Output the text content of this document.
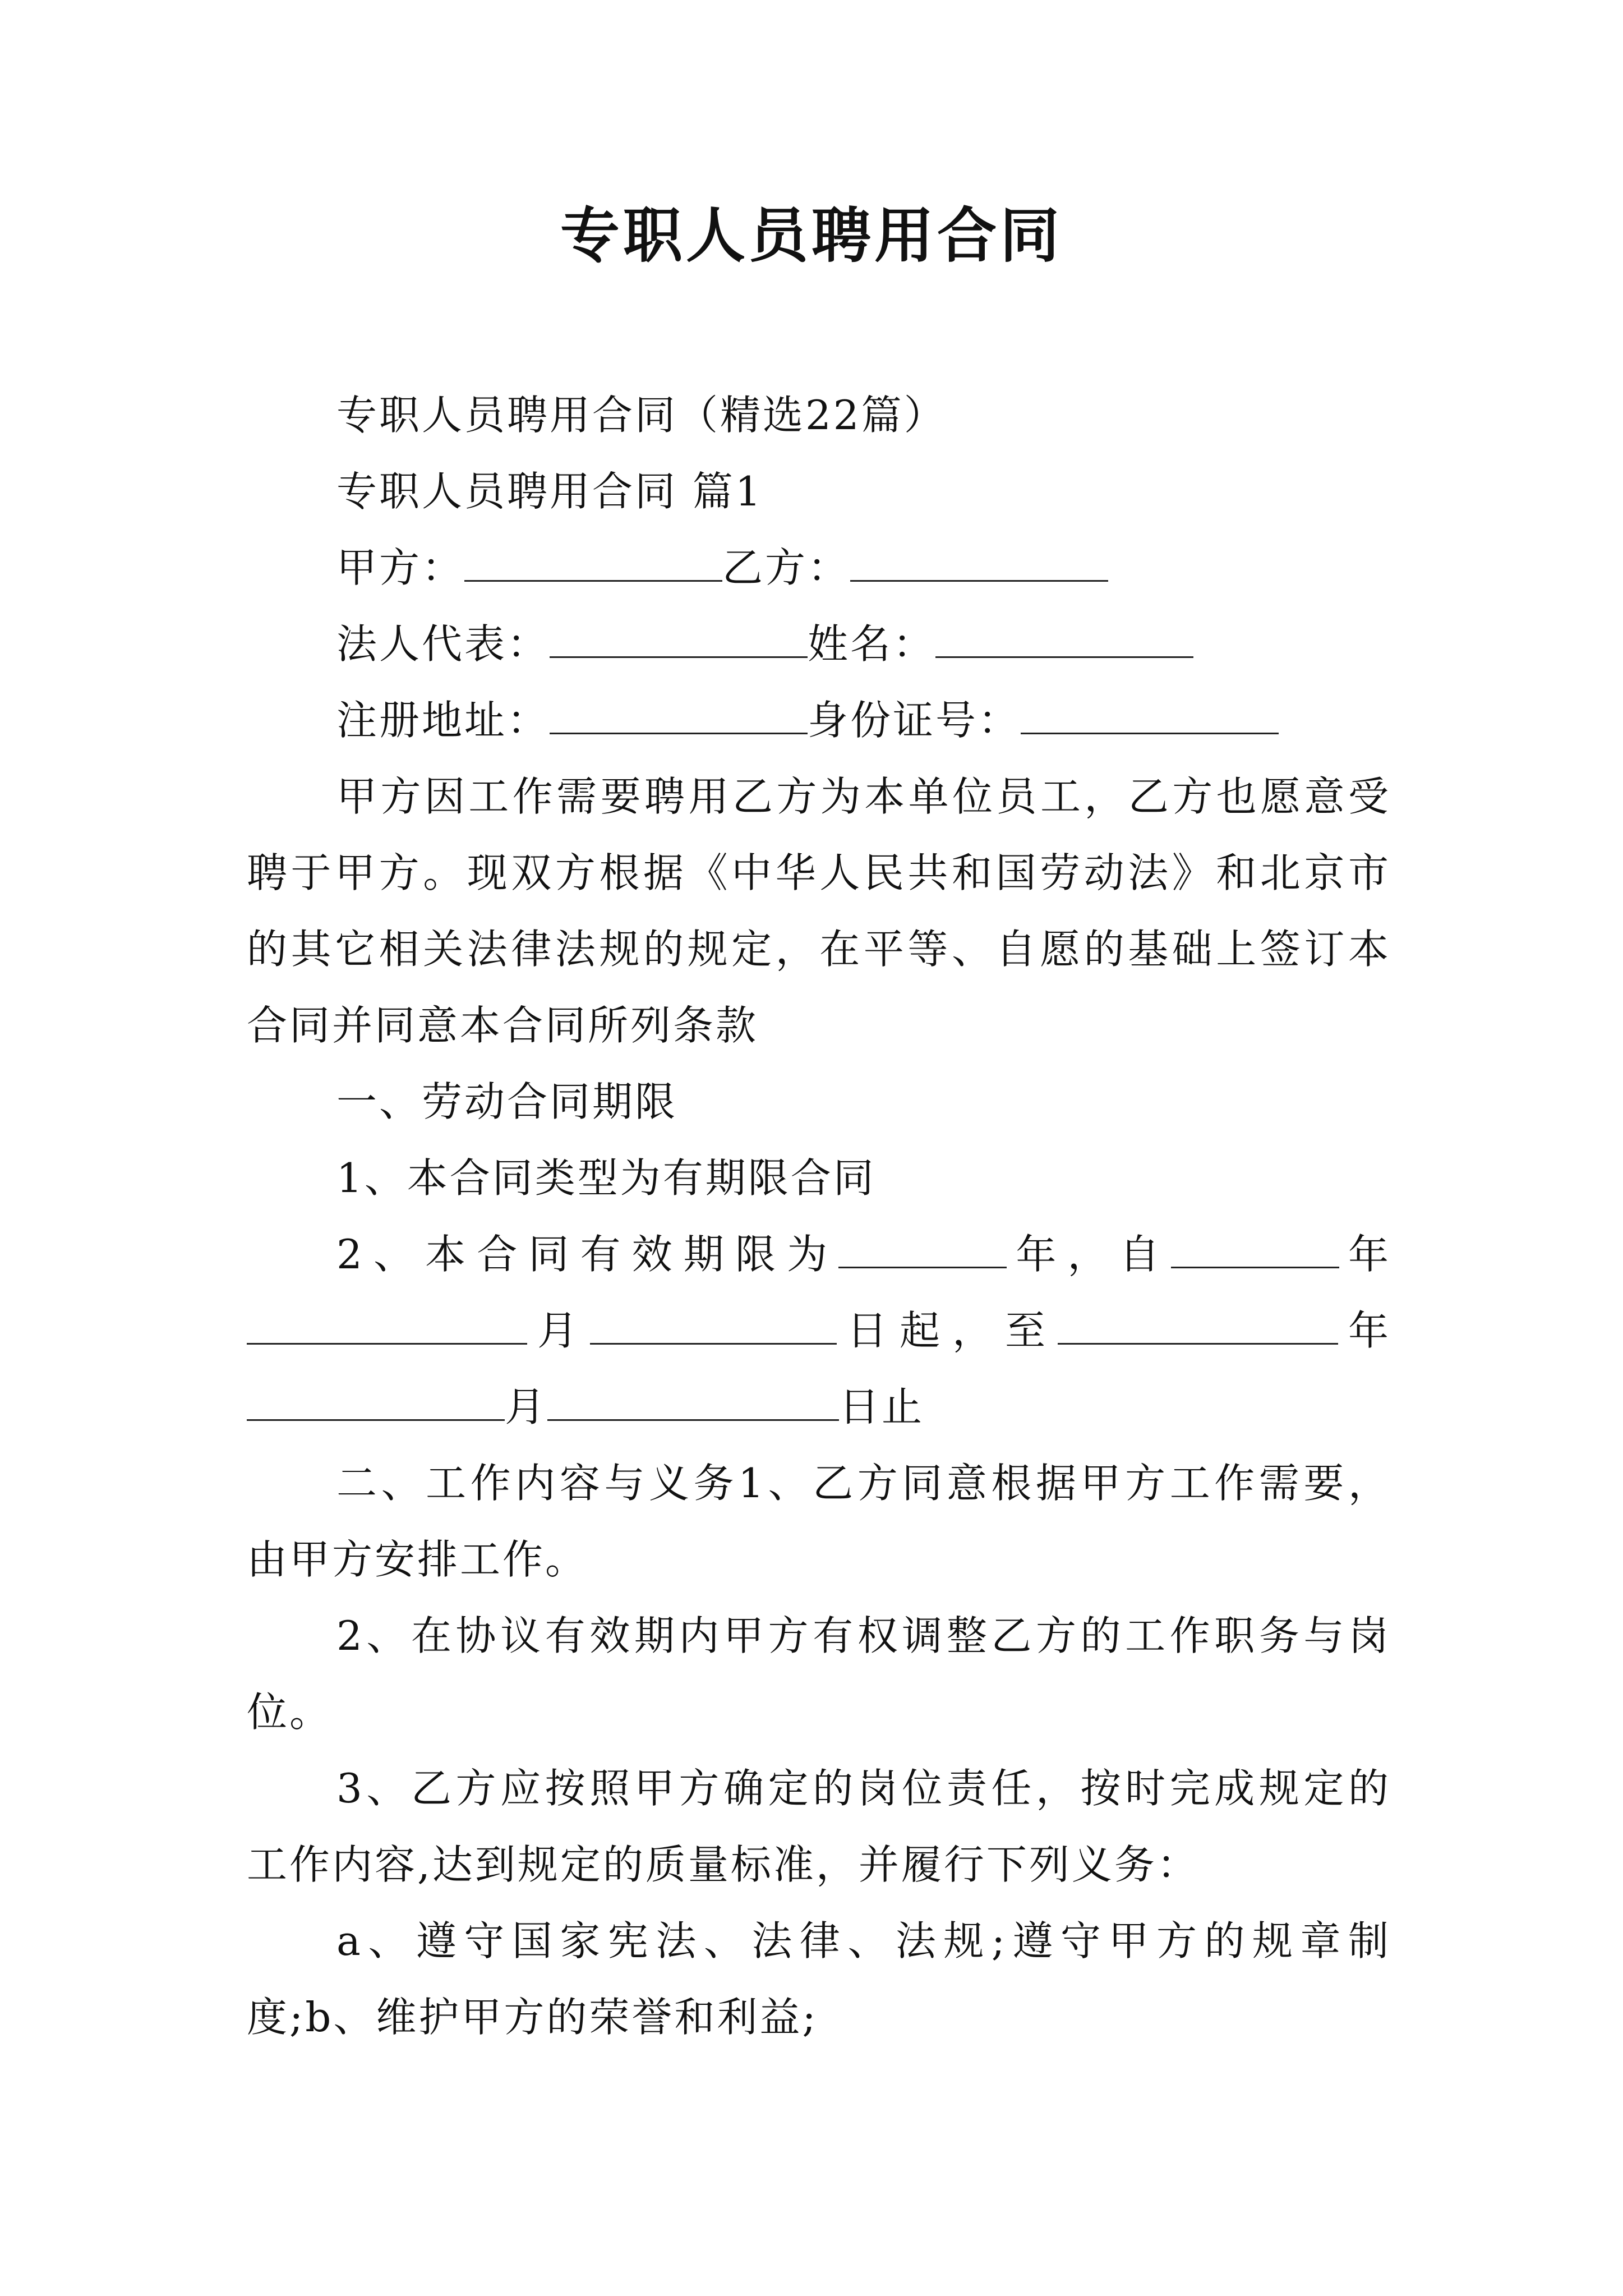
专职人员聘用合同
专职人员聘用合同（精选22篇）
专职人员聘用合同 篇1
甲方：	乙方：
法人代表：	姓名：
注册地址：	身份证号：
甲方因工作需要聘用乙方为本单位员工，乙方也愿意受
聘于甲方。现双方根据《中华人民共和国劳动法》和北京市
的其它相关法律法规的规定，在平等、自愿的基础上签订本
合同并同意本合同所列条款
一、劳动合同期限
1、本合同类型为有期限合同
2、本合同有效期限为	年，自	年
月	日起，至	年
月	日止
二、工作内容与义务1、乙方同意根据甲方工作需要，
由甲方安排工作。
2、在协议有效期内甲方有权调整乙方的工作职务与岗
位。
3、乙方应按照甲方确定的岗位责任，按时完成规定的
工作内容,达到规定的质量标准，并履行下列义务：
a、遵守国家宪法、法律、法规;遵守甲方的规章制
度;b、维护甲方的荣誉和利益;
